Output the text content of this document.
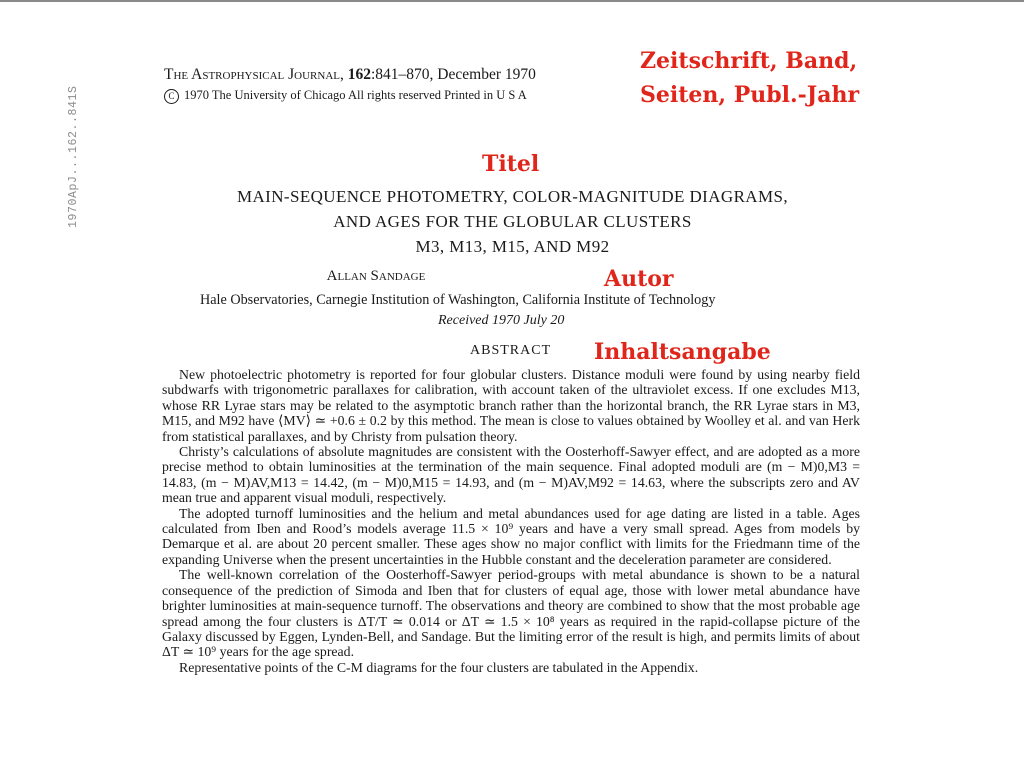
1970ApJ...162..841S
The Astrophysical Journal, 162:841–870, December 1970
C 1970 The University of Chicago All rights reserved Printed in U S A
Zeitschrift, Band,
Seiten, Publ.-Jahr
Titel
Autor
Inhaltsangabe
MAIN-SEQUENCE PHOTOMETRY, COLOR-MAGNITUDE DIAGRAMS,
AND AGES FOR THE GLOBULAR CLUSTERS
M3, M13, M15, AND M92
Allan Sandage
Hale Observatories, Carnegie Institution of Washington, California Institute of Technology
Received 1970 July 20
ABSTRACT

New photoelectric photometry is reported for four globular clusters. Distance moduli were found by using nearby field subdwarfs with trigonometric parallaxes for calibration, with account taken of the ultraviolet excess. If one excludes M13, whose RR Lyrae stars may be related to the asymptotic branch rather than the horizontal branch, the RR Lyrae stars in M3, M15, and M92 have ⟨MV⟩ ≃ +0.6 ± 0.2 by this method. The mean is close to values obtained by Woolley et al. and van Herk from statistical parallaxes, and by Christy from pulsation theory.

Christy’s calculations of absolute magnitudes are consistent with the Oosterhoff-Sawyer effect, and are adopted as a more precise method to obtain luminosities at the termination of the main sequence. Final adopted moduli are (m − M)0,M3 = 14.83, (m − M)AV,M13 = 14.42, (m − M)0,M15 = 14.93, and (m − M)AV,M92 = 14.63, where the subscripts zero and AV mean true and apparent visual moduli, respectively.

The adopted turnoff luminosities and the helium and metal abundances used for age dating are listed in a table. Ages calculated from Iben and Rood’s models average 11.5 × 10⁹ years and have a very small spread. Ages from models by Demarque et al. are about 20 percent smaller. These ages show no major conflict with limits for the Friedmann time of the expanding Universe when the present uncertainties in the Hubble constant and the deceleration parameter are considered.

The well-known correlation of the Oosterhoff-Sawyer period-groups with metal abundance is shown to be a natural consequence of the prediction of Simoda and Iben that for clusters of equal age, those with lower metal abundance have brighter luminosities at main-sequence turnoff. The observations and theory are combined to show that the most probable age spread among the four clusters is ΔT/T ≃ 0.014 or ΔT ≃ 1.5 × 10⁸ years as required in the rapid-collapse picture of the Galaxy discussed by Eggen, Lynden-Bell, and Sandage. But the limiting error of the result is high, and permits limits of about ΔT ≃ 10⁹ years for the age spread.

Representative points of the C-M diagrams for the four clusters are tabulated in the Appendix.
